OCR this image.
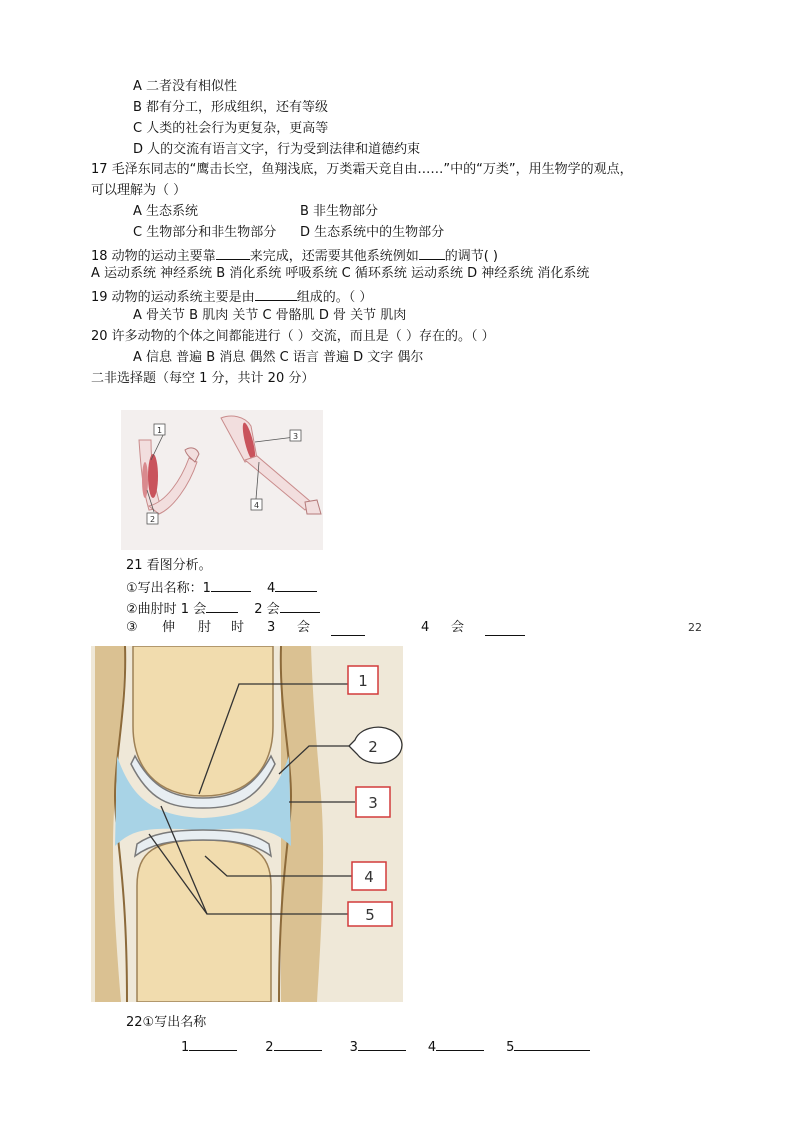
A 二者没有相似性
B 都有分工，形成组织，还有等级
C 人类的社会行为更复杂，更高等
D 人的交流有语言文字，行为受到法律和道德约束
17 毛泽东同志的“鹰击长空，鱼翔浅底，万类霜天竞自由……”中的“万类”，用生物学的观点，
可以理解为（ ）
A 生态系统	B 非生物部分
C 生物部分和非生物部分 D 生态系统中的生物部分
18 动物的运动主要靠	来完成，还需要其他系统例如 的调节( )
A 运动系统 神经系统 B 消化系统 呼吸系统 C 循环系统 运动系统 D 神经系统 消化系统
19 动物的运动系统主要是由	组成的。（ ）
A 骨关节 B 肌肉 关节 C 骨骼肌 D 骨 关节 肌肉
20 许多动物的个体之间都能进行（ ）交流，而且是（ ）存在的。（ ）
A 信息 普遍 B 消息 偶然 C 语言 普遍 D 文字 偶尔
二非选择题（每空 1 分，共计 20 分）
1
2
3
4
21 看图分析。
①写出名称：1	4
②曲肘时 1 会	2 会
③ 伸 肘 时 3 会	4 会	22
1
2
3
4
5
22①写出名称
1	2	3	4	5
